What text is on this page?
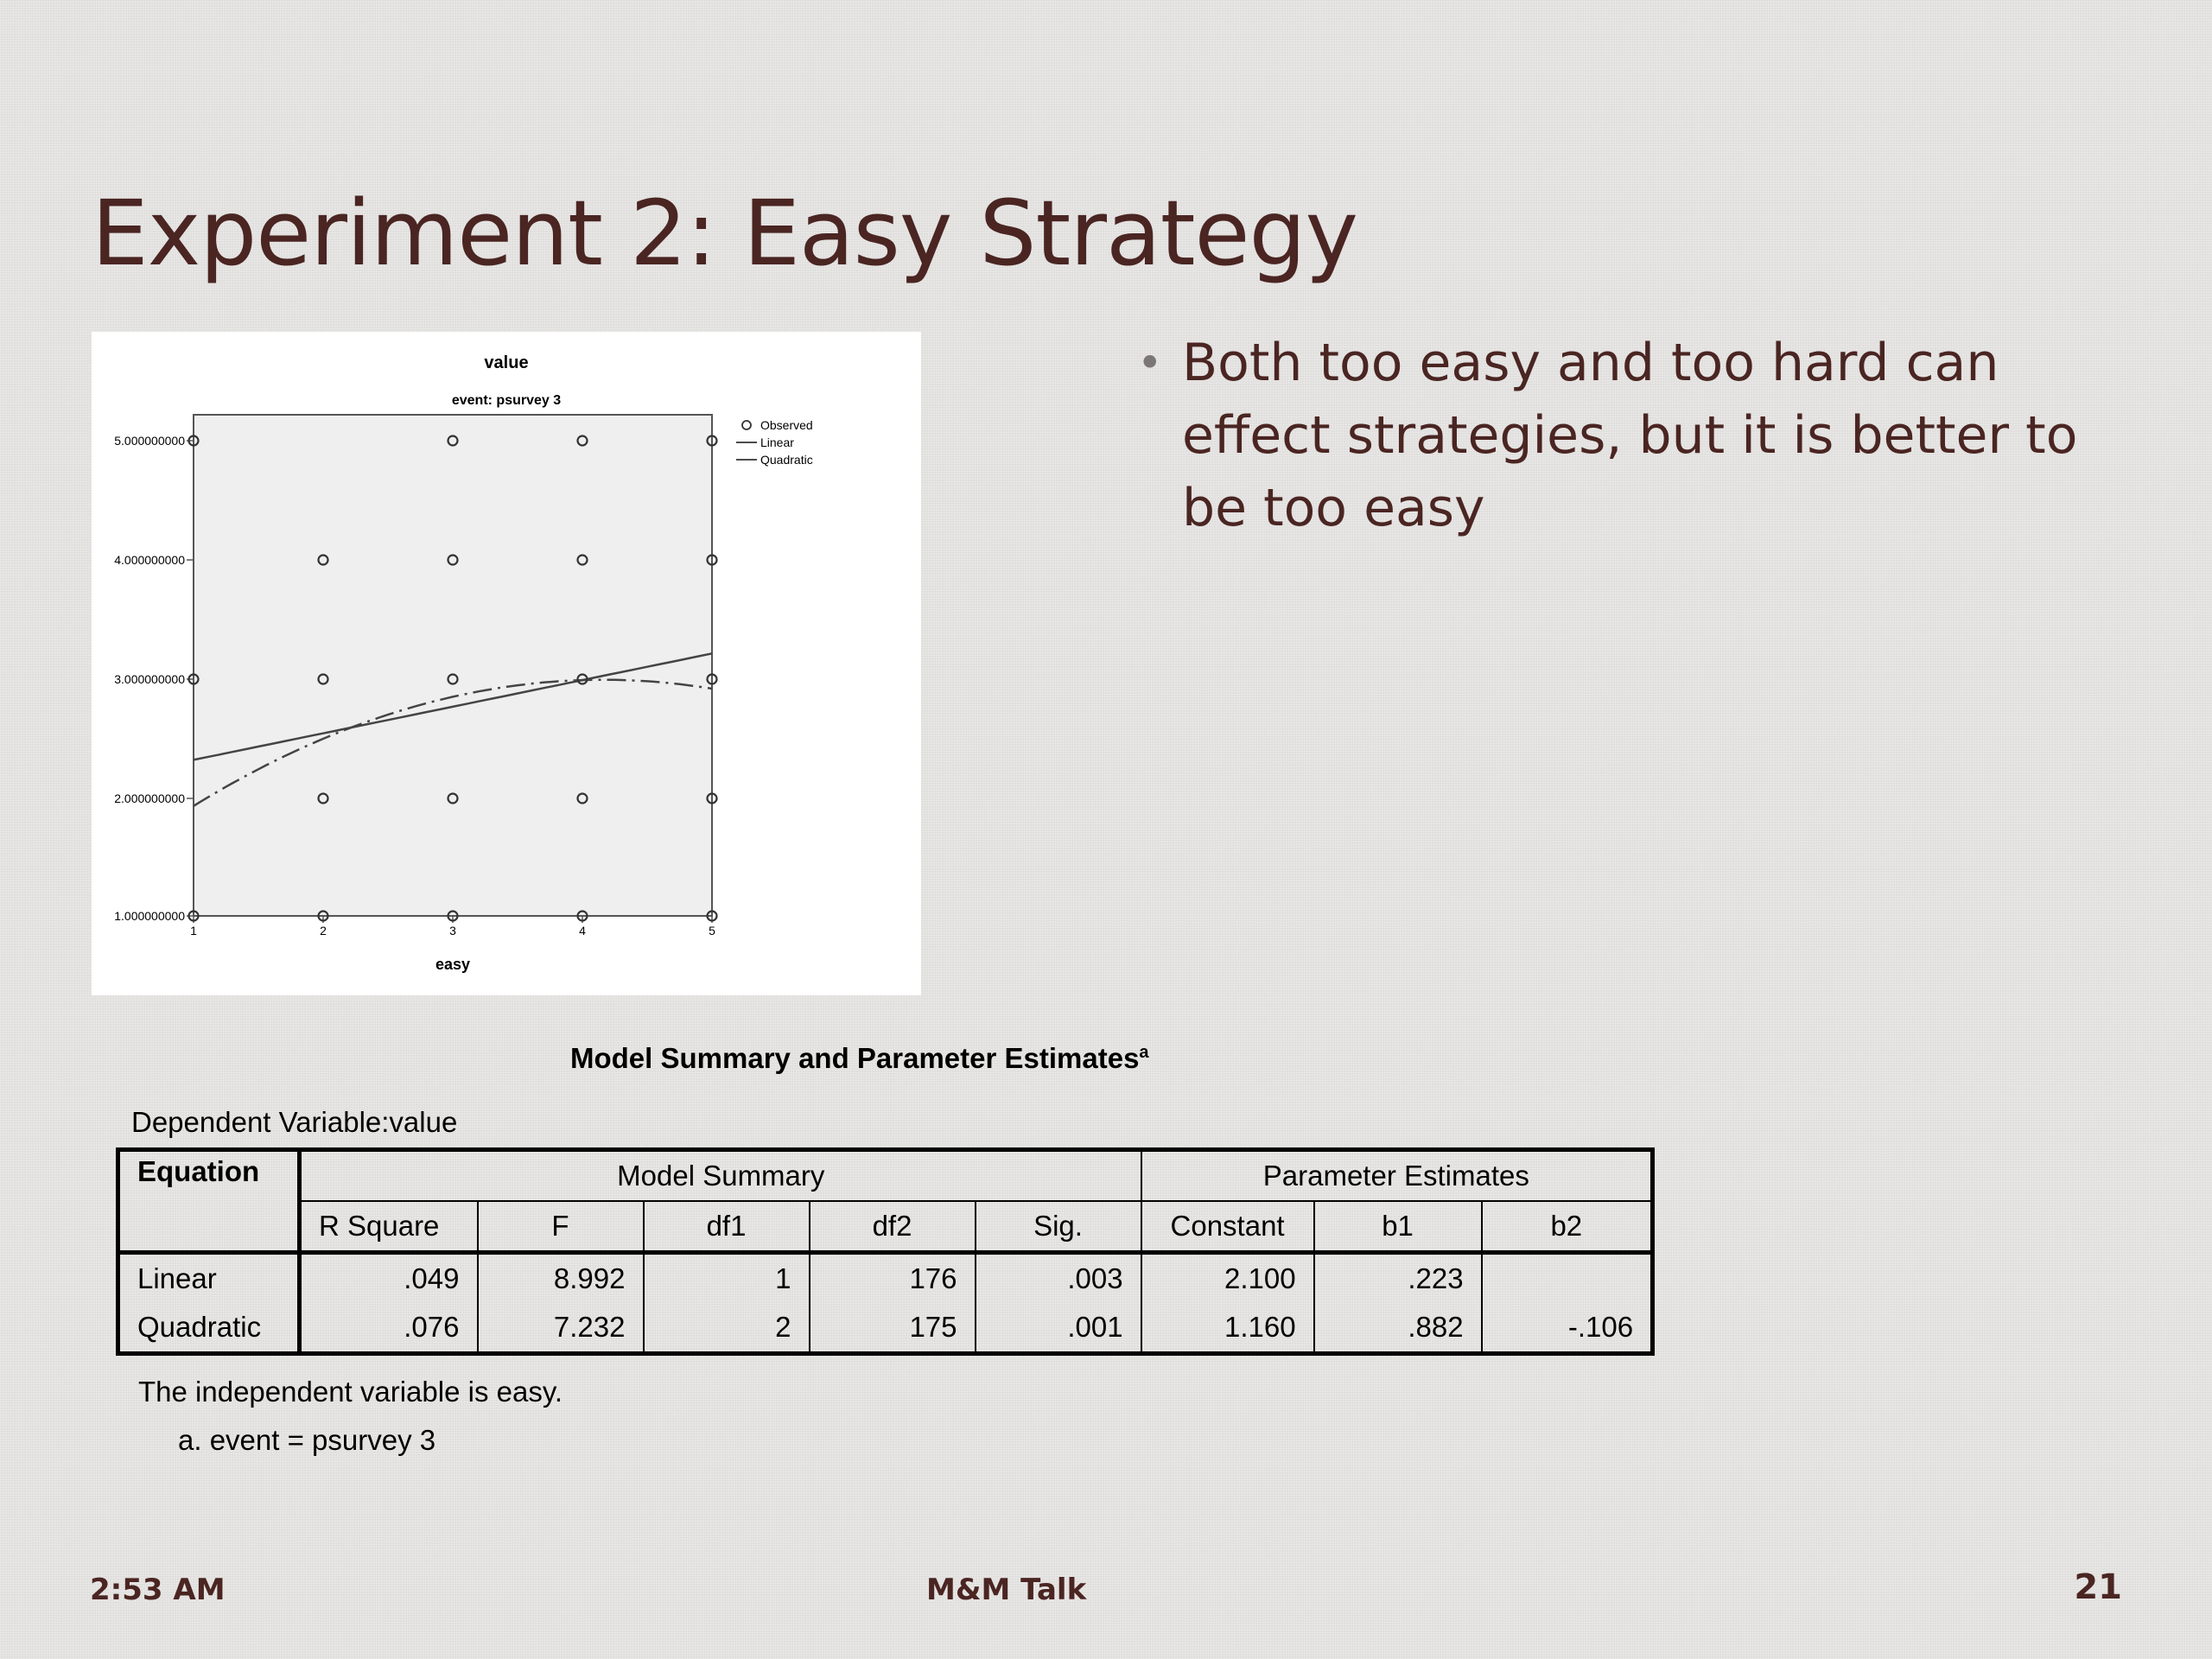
Experiment 2: Easy Strategy
value
event: psurvey 3
easy
1.000000000
2.000000000
3.000000000
4.000000000
5.000000000
1	2	3	4	5
Observed
Linear
Quadratic
• Both too easy and too hard can effect strategies, but it is better to be too easy
Model Summary and Parameter Estimates$^a$
Dependent Variable:value
Equation	Model Summary					Parameter Estimates		
	R Square	F	df1	df2	Sig.	Constant	b1	b2
Linear	.049	8.992	1	176	.003	2.100	.223	
Quadratic	.076	7.232	2	175	.001	1.160	.882	-.106
The independent variable is easy.
a. event = psurvey 3
2:53 AM	M&M Talk	21
